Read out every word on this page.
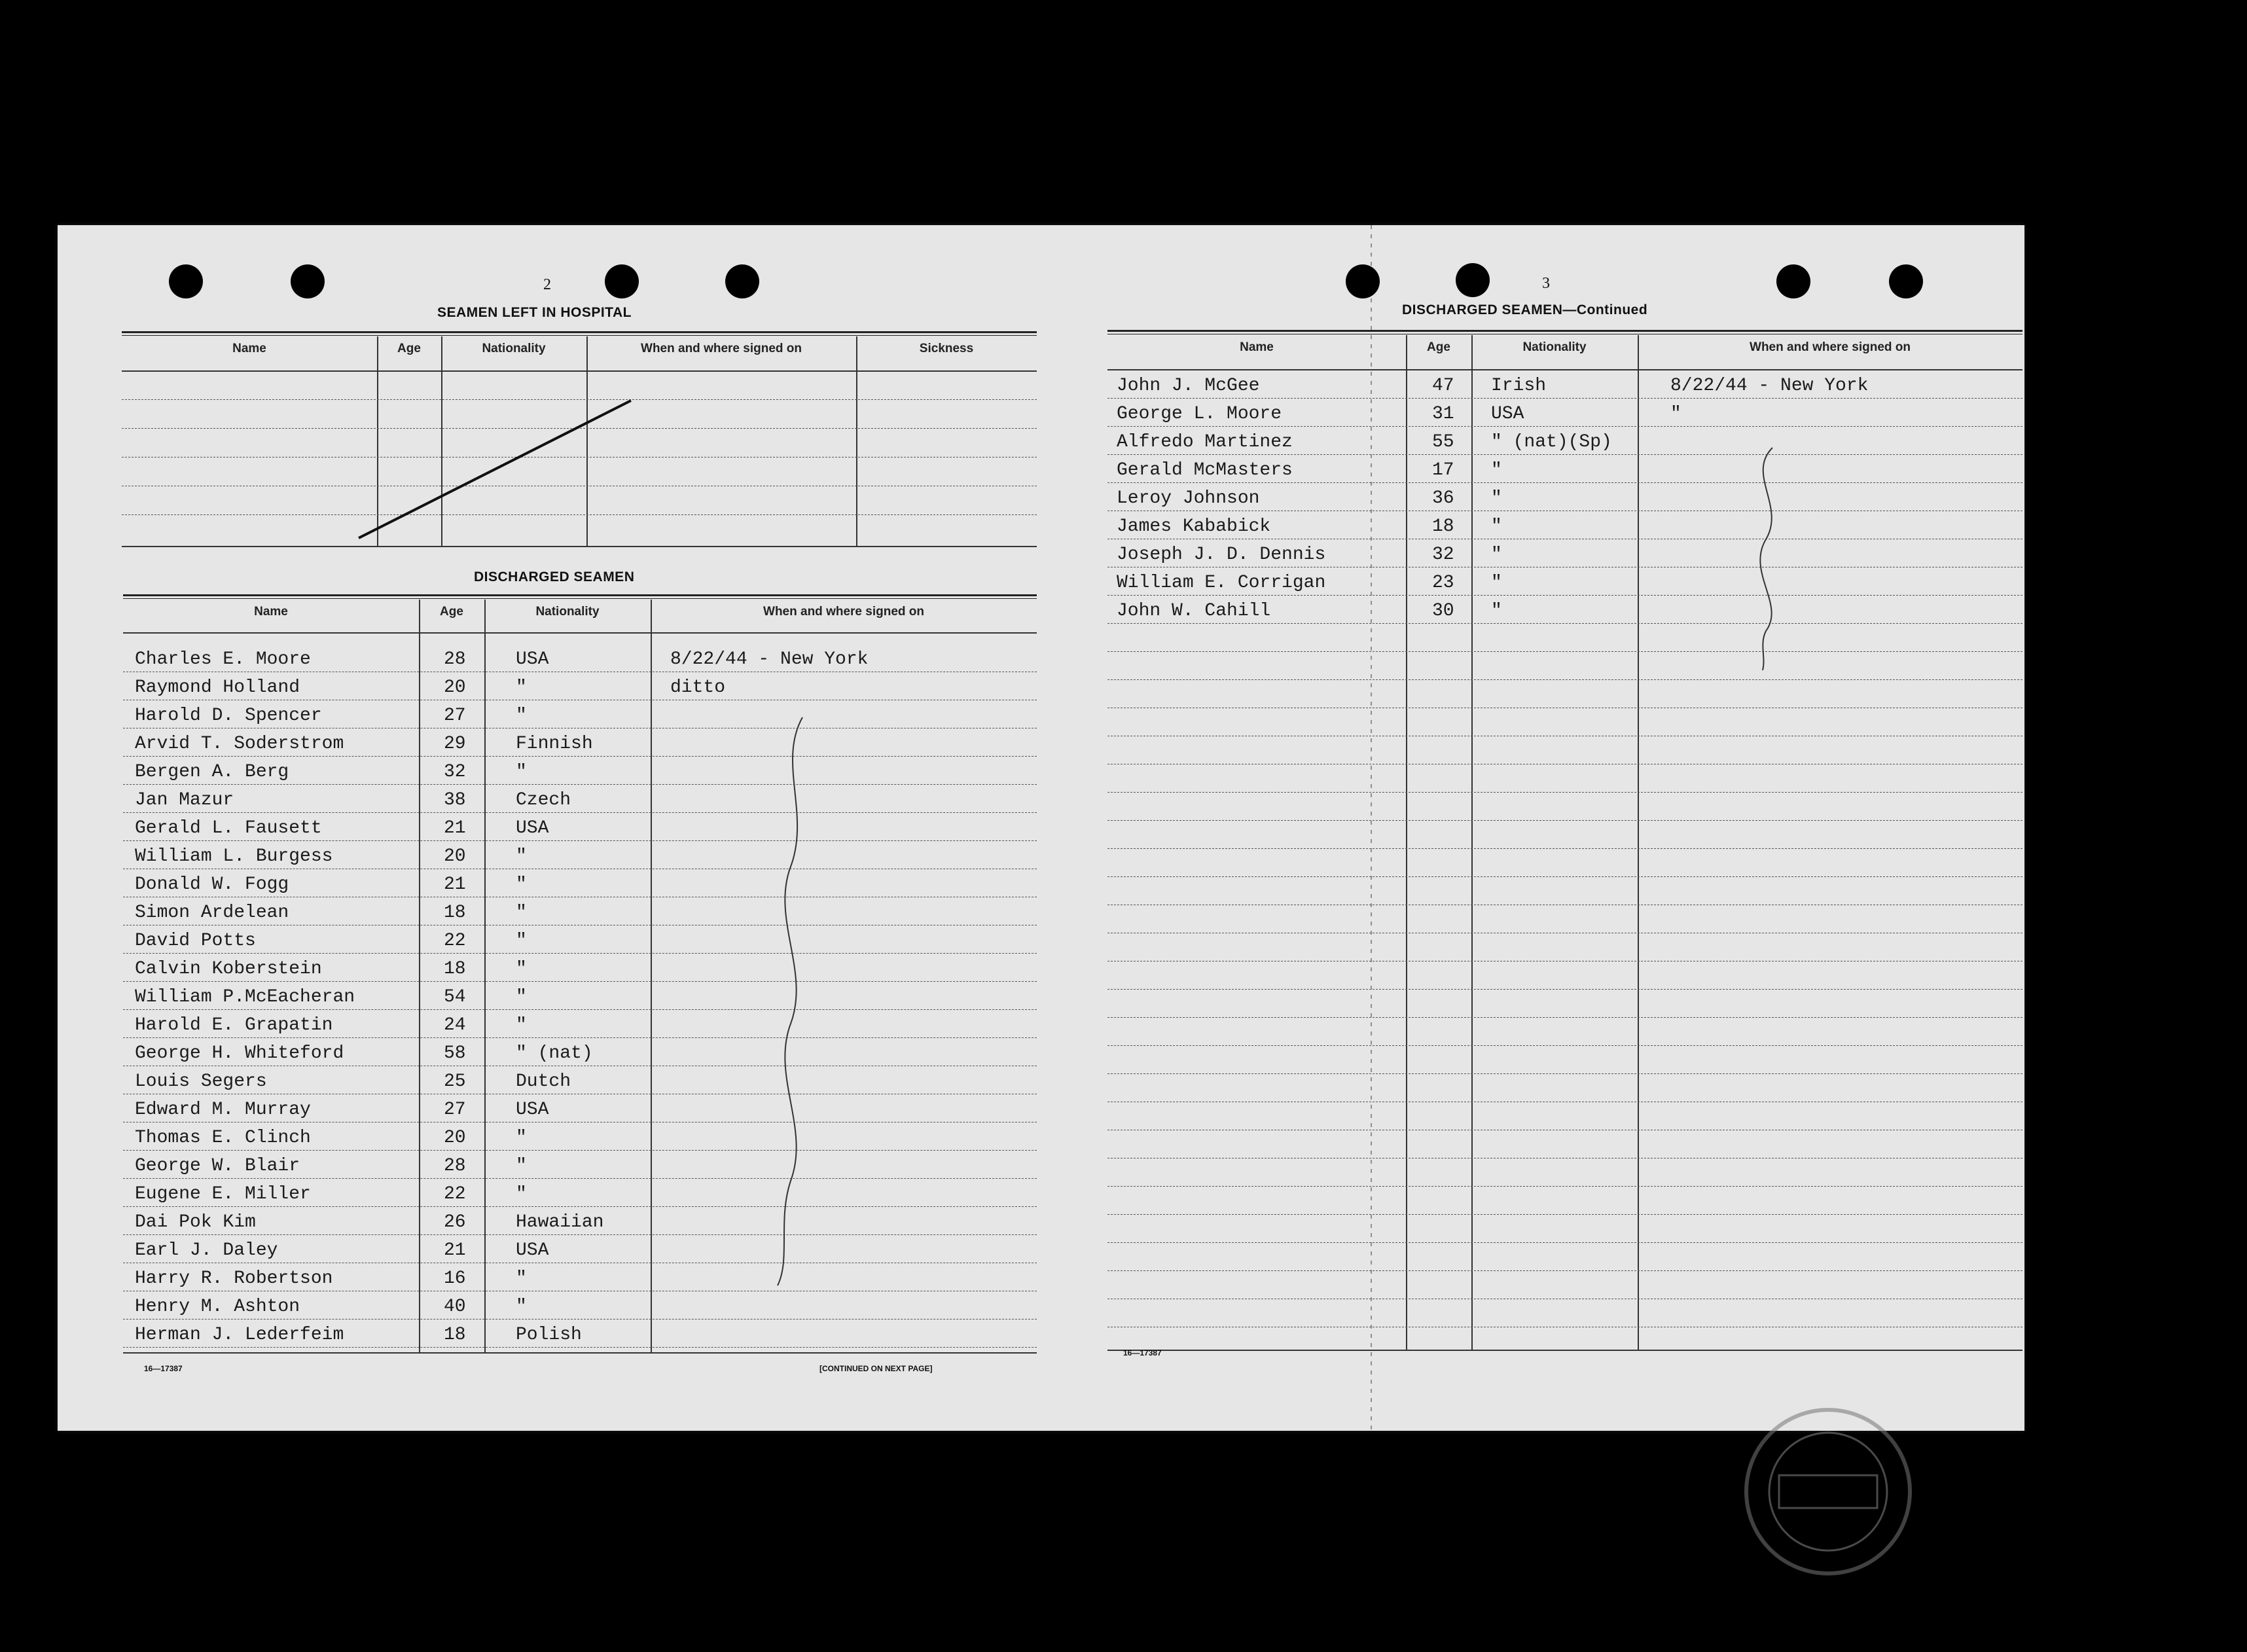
2
SEAMEN LEFT IN HOSPITAL
Name	Age	Nationality	When and where signed on	Sickness
DISCHARGED SEAMEN
Name	Age	Nationality	When and where signed on
Charles E. Moore	28	USA	8/22/44 - New York
Raymond Holland	20	"	ditto
Harold D. Spencer	27	"
Arvid T. Soderstrom	29	Finnish
Bergen A. Berg	32	"
Jan Mazur	38	Czech
Gerald L. Fausett	21	USA
William L. Burgess	20	"
Donald W. Fogg	21	"
Simon Ardelean	18	"
David Potts	22	"
Calvin Koberstein	18	"
William P.McEacheran	54	"
Harold E. Grapatin	24	"
George H. Whiteford	58	" (nat)
Louis Segers	25	Dutch
Edward M. Murray	27	USA
Thomas E. Clinch	20	"
George W. Blair	28	"
Eugene E. Miller	22	"
Dai Pok Kim	26	Hawaiian
Earl J. Daley	21	USA
Harry R. Robertson	16	"
Henry M. Ashton	40	"
Herman J. Lederfeim	18	Polish
16—17387	[CONTINUED ON NEXT PAGE]
3
DISCHARGED SEAMEN—Continued
Name	Age	Nationality	When and where signed on
John J. McGee	47 Irish	8/22/44 - New York
George L. Moore	31 USA	"
Alfredo Martinez	55 " (nat)(Sp)
Gerald McMasters	17 "
Leroy Johnson	36 "
James Kababick	18 "
Joseph J. D. Dennis	32 "
William E. Corrigan	23 "
John W. Cahill	30 "
16—17387
